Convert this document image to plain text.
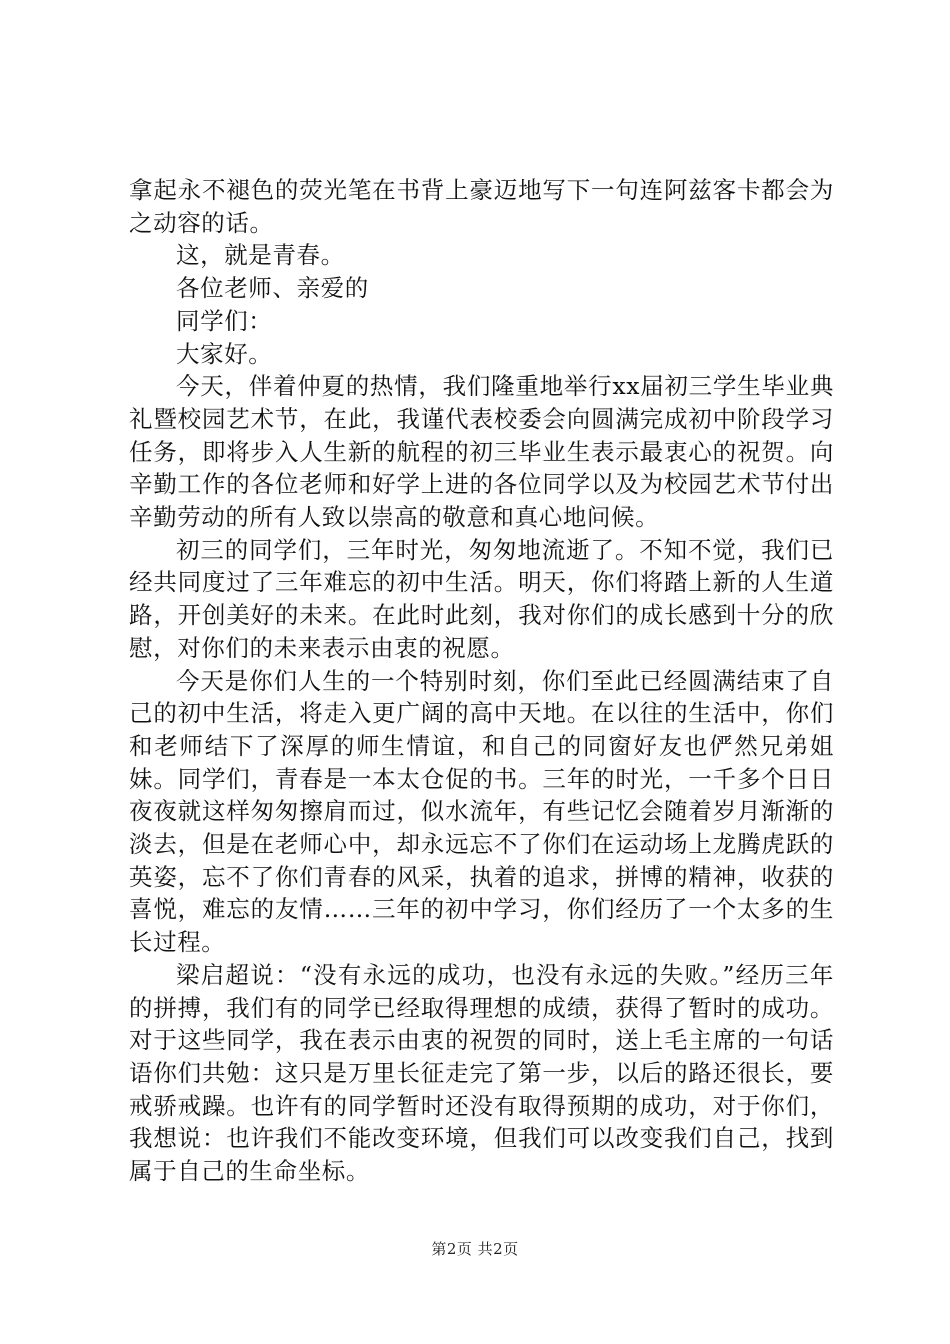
拿起永不褪色的荧光笔在书背上豪迈地写下一句连阿兹客卡都会为之动容的话。

这，就是青春。

各位老师、亲爱的

同学们：

大家好。

今天，伴着仲夏的热情，我们隆重地举行xx届初三学生毕业典礼暨校园艺术节，在此，我谨代表校委会向圆满完成初中阶段学习任务，即将步入人生新的航程的初三毕业生表示最衷心的祝贺。向辛勤工作的各位老师和好学上进的各位同学以及为校园艺术节付出辛勤劳动的所有人致以崇高的敬意和真心地问候。

初三的同学们，三年时光，匆匆地流逝了。不知不觉，我们已经共同度过了三年难忘的初中生活。明天，你们将踏上新的人生道路，开创美好的未来。在此时此刻，我对你们的成长感到十分的欣慰，对你们的未来表示由衷的祝愿。

今天是你们人生的一个特别时刻，你们至此已经圆满结束了自己的初中生活，将走入更广阔的高中天地。在以往的生活中，你们和老师结下了深厚的师生情谊，和自己的同窗好友也俨然兄弟姐妹。同学们，青春是一本太仓促的书。三年的时光，一千多个日日夜夜就这样匆匆擦肩而过，似水流年，有些记忆会随着岁月渐渐的淡去，但是在老师心中，却永远忘不了你们在运动场上龙腾虎跃的英姿，忘不了你们青春的风采，执着的追求，拼博的精神，收获的喜悦，难忘的友情……三年的初中学习，你们经历了一个太多的生长过程。

梁启超说：“没有永远的成功，也没有永远的失败。”经历三年的拼搏，我们有的同学已经取得理想的成绩，获得了暂时的成功。对于这些同学，我在表示由衷的祝贺的同时，送上毛主席的一句话语你们共勉：这只是万里长征走完了第一步，以后的路还很长，要戒骄戒躁。也许有的同学暂时还没有取得预期的成功，对于你们，我想说：也许我们不能改变环境，但我们可以改变我们自己，找到属于自己的生命坐标。

第2页 共2页
